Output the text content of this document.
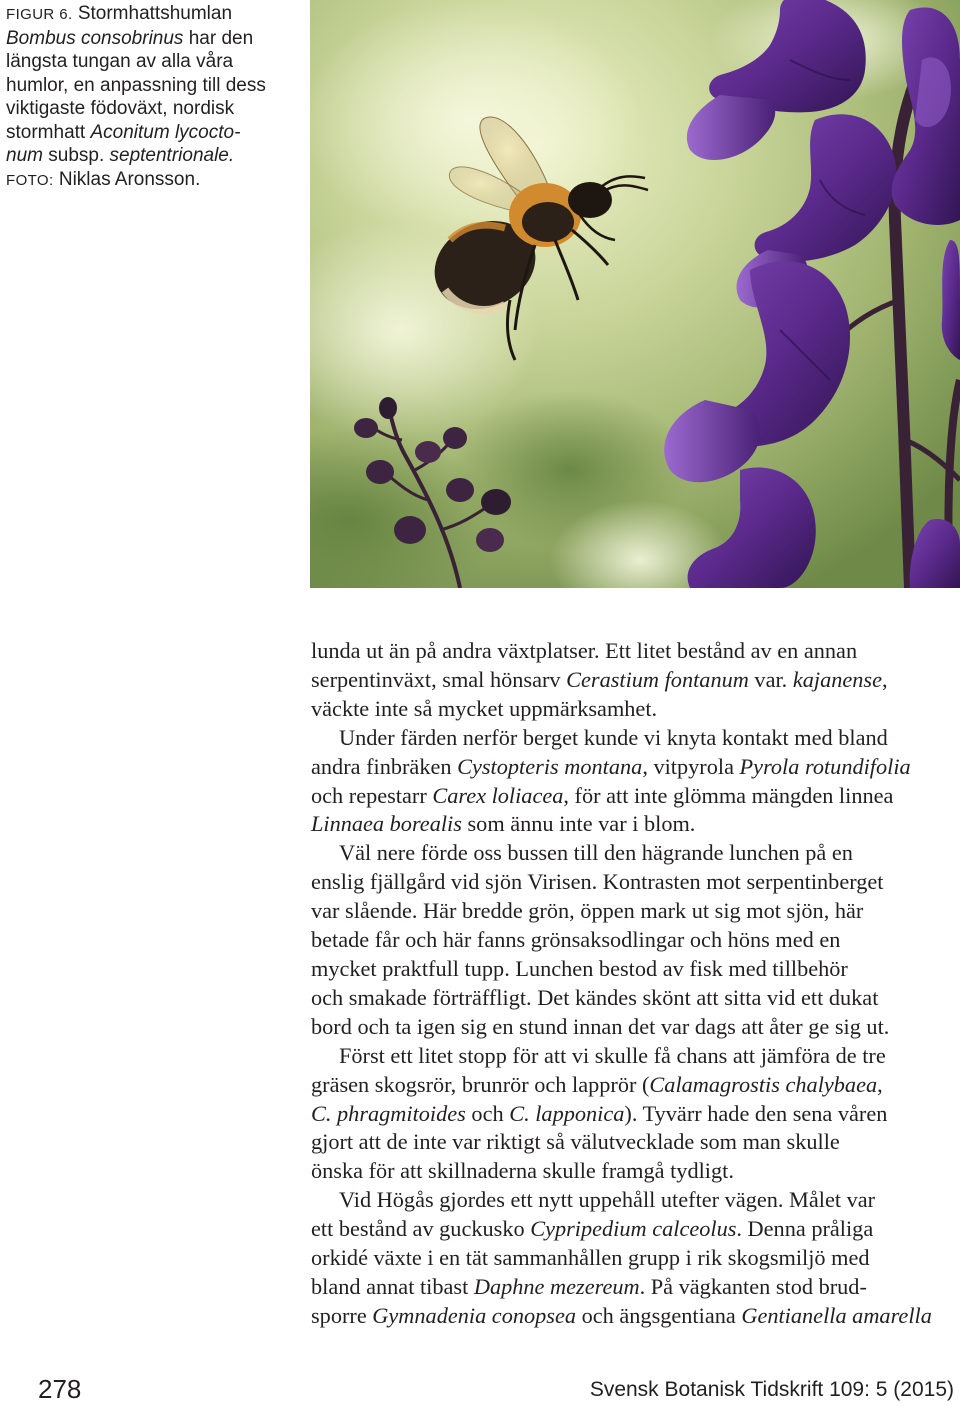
FIGUR 6. Stormhattshumlan
Bombus consobrinus har den
längsta tungan av alla våra
humlor, en anpassning till dess
viktigaste födoväxt, nordisk
stormhatt Aconitum lycocto-
num subsp. septentrionale.
FOTO: Niklas Aronsson.
lunda ut än på andra växtplatser. Ett litet bestånd av en annan
serpentinväxt, smal hönsarv Cerastium fontanum var. kajanense,
väckte inte så mycket uppmärksamhet.
Under färden nerför berget kunde vi knyta kontakt med bland
andra finbräken Cystopteris montana, vitpyrola Pyrola rotundifolia
och repestarr Carex loliacea, för att inte glömma mängden linnea
Linnaea borealis som ännu inte var i blom.
Väl nere förde oss bussen till den hägrande lunchen på en
enslig fjällgård vid sjön Virisen. Kontrasten mot serpentinberget
var slående. Här bredde grön, öppen mark ut sig mot sjön, här
betade får och här fanns grönsaksodlingar och höns med en
mycket praktfull tupp. Lunchen bestod av fisk med tillbehör
och smakade förträffligt. Det kändes skönt att sitta vid ett dukat
bord och ta igen sig en stund innan det var dags att åter ge sig ut.
Först ett litet stopp för att vi skulle få chans att jämföra de tre
gräsen skogsrör, brunrör och lapprör (Calamagrostis chalybaea,
C. phragmitoides och C. lapponica). Tyvärr hade den sena våren
gjort att de inte var riktigt så välutvecklade som man skulle
önska för att skillnaderna skulle framgå tydligt.
Vid Högås gjordes ett nytt uppehåll utefter vägen. Målet var
ett bestånd av guckusko Cypripedium calceolus. Denna pråliga
orkidé växte i en tät sammanhållen grupp i rik skogsmiljö med
bland annat tibast Daphne mezereum. På vägkanten stod brud-
sporre Gymnadenia conopsea och ängsgentiana Gentianella amarella
278	Svensk Botanisk Tidskrift 109: 5 (2015)
